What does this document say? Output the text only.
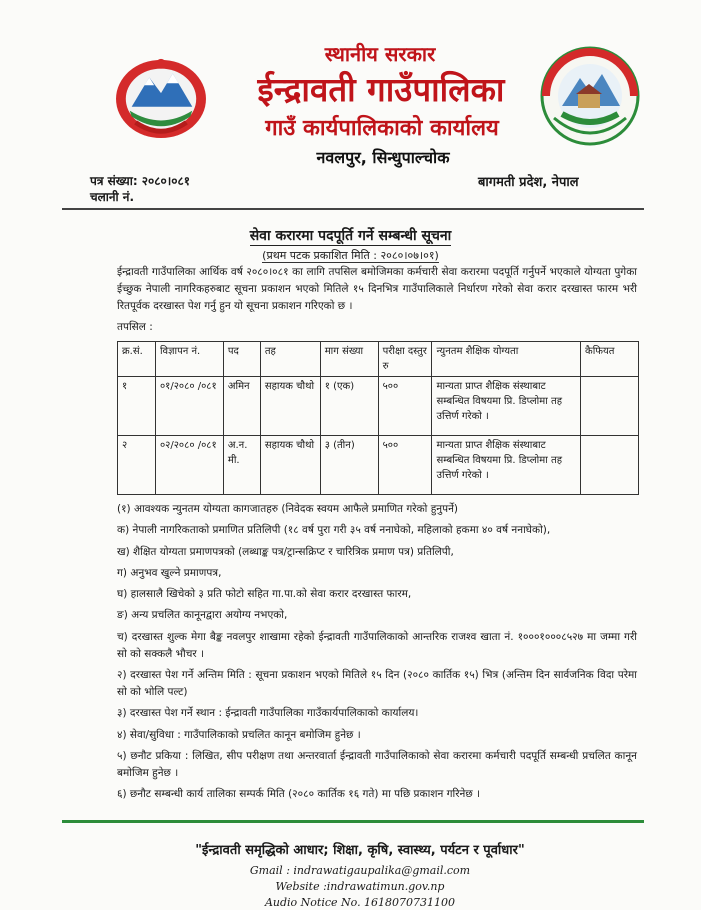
स्थानीय सरकार
ईन्द्रावती गाउँपालिका
गाउँ कार्यपालिकाको कार्यालय
नवलपुर, सिन्धुपाल्चोक
पत्र संख्या: २०८०।०८१
चलानी नं.
बागमती प्रदेश, नेपाल
सेवा करारमा पदपूर्ति गर्ने सम्बन्धी सूचना
(प्रथम पटक प्रकाशित मिति : २०८०।०७।०१)
ईन्द्रावती गाउँपालिका आर्थिक वर्ष २०८०।०८१ का लागि तपसिल बमोजिमका कर्मचारी सेवा करारमा पदपूर्ति गर्नुपर्ने भएकाले योग्यता पुगेका ईच्छुक नेपाली नागरिकहरुबाट सूचना प्रकाशन भएको मितिले १५ दिनभित्र गाउँपालिकाले निर्धारण गरेको सेवा करार दरखास्त फारम भरी रितपूर्वक दरखास्त पेश गर्नु हुन यो सूचना प्रकाशन गरिएको छ ।
तपसिल :
क्र.सं.	विज्ञापन नं.	पद	तह	माग संख्या	परीक्षा दस्तुर रु	न्युनतम शैक्षिक योग्यता	कैफियत
१	०१/२०८० /०८१	अमिन	सहायक चौथो	१ (एक)	५००	मान्यता प्राप्त शैक्षिक संस्थाबाट सम्बन्धित विषयमा प्रि. डिप्लोमा तह उत्तिर्ण गरेको ।	
२	०२/२०८० /०८१	अ.न. मी.	सहायक चौथो	३ (तीन)	५००	मान्यता प्राप्त शैक्षिक संस्थाबाट सम्बन्धित विषयमा प्रि. डिप्लोमा तह उत्तिर्ण गरेको ।	

(१) आवश्यक न्युनतम योग्यता कागजातहरु (निवेदक स्वयम आफैले प्रमाणित गरेको हुनुपर्ने)

क) नेपाली नागरिकताको प्रमाणित प्रतिलिपी (१८ वर्ष पुरा गरी ३५ वर्ष ननाघेको, महिलाको हकमा ४० वर्ष ननाघेको),

ख) शैक्षित योग्यता प्रमाणपत्रको (लब्धाङ्क पत्र/ट्रान्सक्रिप्ट र चारित्रिक प्रमाण पत्र) प्रतिलिपी,

ग) अनुभव खुल्ने प्रमाणपत्र,

घ) हालसालै खिचेको ३ प्रति फोटो सहित गा.पा.को सेवा करार दरखास्त फारम,

ङ) अन्य प्रचलित कानूनद्वारा अयोग्य नभएको,

च) दरखास्त शुल्क मेगा बैङ्क नवलपुर शाखामा रहेको ईन्द्रावती गाउँपालिकाको आन्तरिक राजश्व खाता नं. १०००१०००८५२७ मा जम्मा गरी सो को सक्कलै भौचर ।

२) दरखास्त पेश गर्ने अन्तिम मिति : सूचना प्रकाशन भएको मितिले १५ दिन (२०८० कार्तिक १५) भित्र (अन्तिम दिन सार्वजनिक विदा परेमा सो को भोलि पल्ट)

३) दरखास्त पेश गर्ने स्थान : ईन्द्रावती गाउँपालिका गाउँकार्यपालिकाको कार्यालय।

४) सेवा/सुविधा : गाउँपालिकाको प्रचलित कानून बमोजिम हुनेछ ।

५) छनौट प्रकिया : लिखित, सीप परीक्षण तथा अन्तरवार्ता ईन्द्रावती गाउँपालिकाको सेवा करारमा कर्मचारी पदपूर्ति सम्बन्धी प्रचलित कानून बमोजिम हुनेछ ।

६) छनौट सम्बन्धी कार्य तालिका सम्पर्क मिति (२०८० कार्तिक १६ गते) मा पछि प्रकाशन गरिनेछ ।

"ईन्द्रावती समृद्धिको आधार; शिक्षा, कृषि, स्वास्थ्य, पर्यटन र पूर्वाधार"
Gmail : indrawatigaupalika@gmail.com
Website :indrawatimun.gov.np
Audio Notice No. 1618070731100
